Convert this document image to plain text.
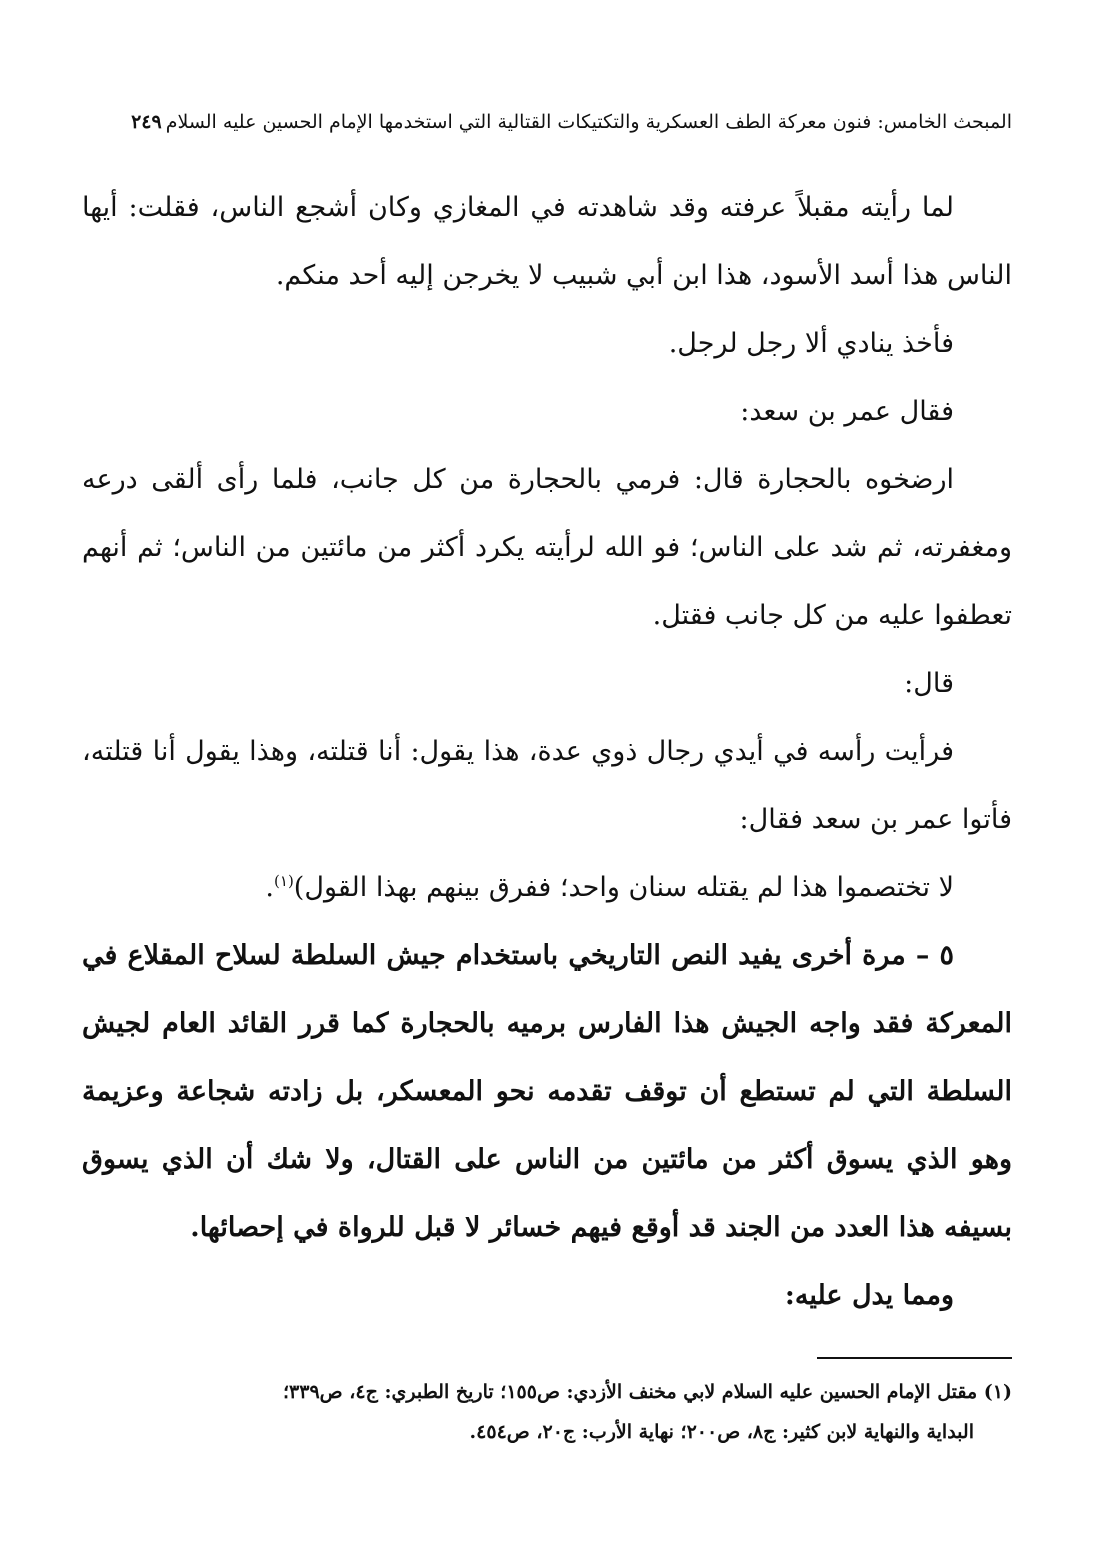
المبحث الخامس: فنون معركة الطف العسكرية والتكتيكات القتالية التي استخدمها الإمام الحسين عليه السلام٢٤٩

لما رأيته مقبلاً عرفته وقد شاهدته في المغازي وكان أشجع الناس، فقلت: أيها الناس هذا أسد الأسود، هذا ابن أبي شبيب لا يخرجن إليه أحد منكم.

فأخذ ينادي ألا رجل لرجل.

فقال عمر بن سعد:

ارضخوه بالحجارة قال: فرمي بالحجارة من كل جانب، فلما رأى ألقى درعه ومغفرته، ثم شد على الناس؛ فو الله لرأيته يكرد أكثر من مائتين من الناس؛ ثم أنهم تعطفوا عليه من كل جانب فقتل.

قال:

فرأيت رأسه في أيدي رجال ذوي عدة، هذا يقول: أنا قتلته، وهذا يقول أنا قتلته، فأتوا عمر بن سعد فقال:

لا تختصموا هذا لم يقتله سنان واحد؛ ففرق بينهم بهذا القول)$^{(١)}$.

٥ – مرة أخرى يفيد النص التاريخي باستخدام جيش السلطة لسلاح المقلاع في المعركة فقد واجه الجيش هذا الفارس برميه بالحجارة كما قرر القائد العام لجيش السلطة التي لم تستطع أن توقف تقدمه نحو المعسكر، بل زادته شجاعة وعزيمة وهو الذي يسوق أكثر من مائتين من الناس على القتال، ولا شك أن الذي يسوق بسيفه هذا العدد من الجند قد أوقع فيهم خسائر لا قبل للرواة في إحصائها.

ومما يدل عليه:

(١) مقتل الإمام الحسين عليه السلام لابي مخنف الأزدي: ص١٥٥؛ تاريخ الطبري: ج٤، ص٣٣٩؛

البداية والنهاية لابن كثير: ج٨، ص٢٠٠؛ نهاية الأرب: ج٢٠، ص٤٥٤.
